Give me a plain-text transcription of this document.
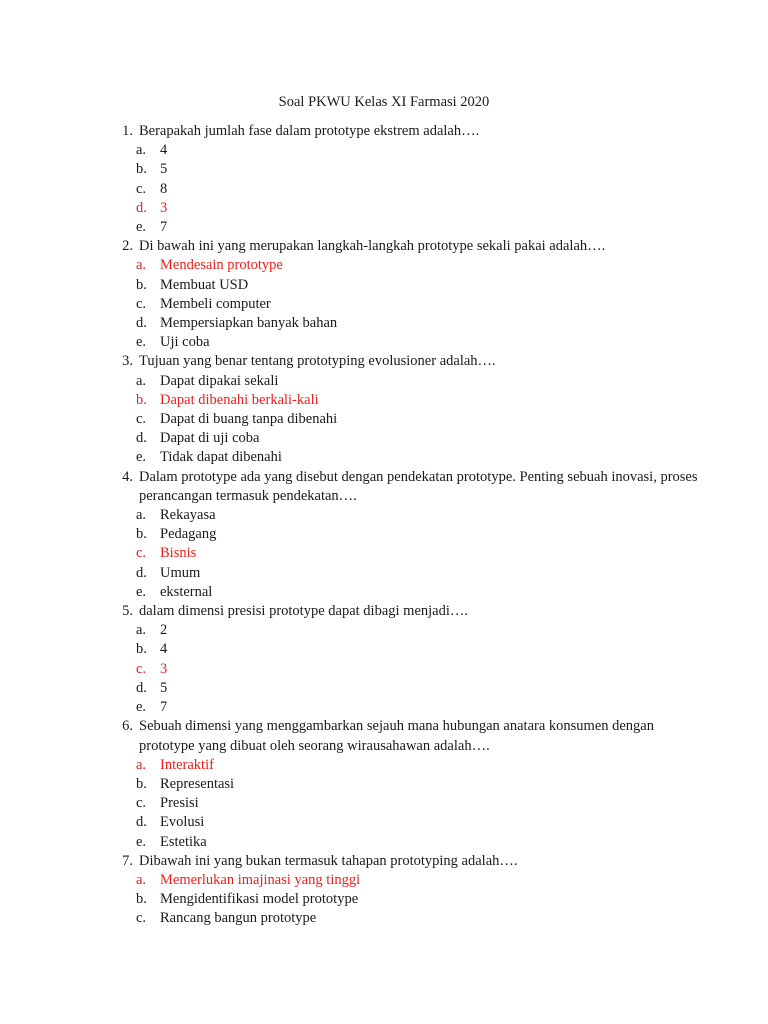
Soal PKWU Kelas XI Farmasi 2020
1. Berapakah jumlah fase dalam prototype ekstrem adalah….
a. 4
b. 5
c. 8
d. 3
e. 7
2. Di bawah ini yang merupakan langkah-langkah prototype sekali pakai adalah….
a. Mendesain prototype
b. Membuat USD
c. Membeli computer
d. Mempersiapkan banyak bahan
e. Uji coba
3. Tujuan yang benar tentang prototyping evolusioner adalah….
a. Dapat dipakai sekali
b. Dapat dibenahi berkali-kali
c. Dapat di buang tanpa dibenahi
d. Dapat di uji coba
e. Tidak dapat dibenahi
4. Dalam prototype ada yang disebut dengan pendekatan prototype. Penting sebuah inovasi, proses perancangan termasuk pendekatan….
a. Rekayasa
b. Pedagang
c. Bisnis
d. Umum
e. eksternal
5. dalam dimensi presisi prototype dapat dibagi menjadi….
a. 2
b. 4
c. 3
d. 5
e. 7
6. Sebuah dimensi yang menggambarkan sejauh mana hubungan anatara konsumen dengan prototype yang dibuat oleh seorang wirausahawan adalah….
a. Interaktif
b. Representasi
c. Presisi
d. Evolusi
e. Estetika
7. Dibawah ini yang bukan termasuk tahapan prototyping adalah….
a. Memerlukan imajinasi yang tinggi
b. Mengidentifikasi model prototype
c. Rancang bangun prototype
